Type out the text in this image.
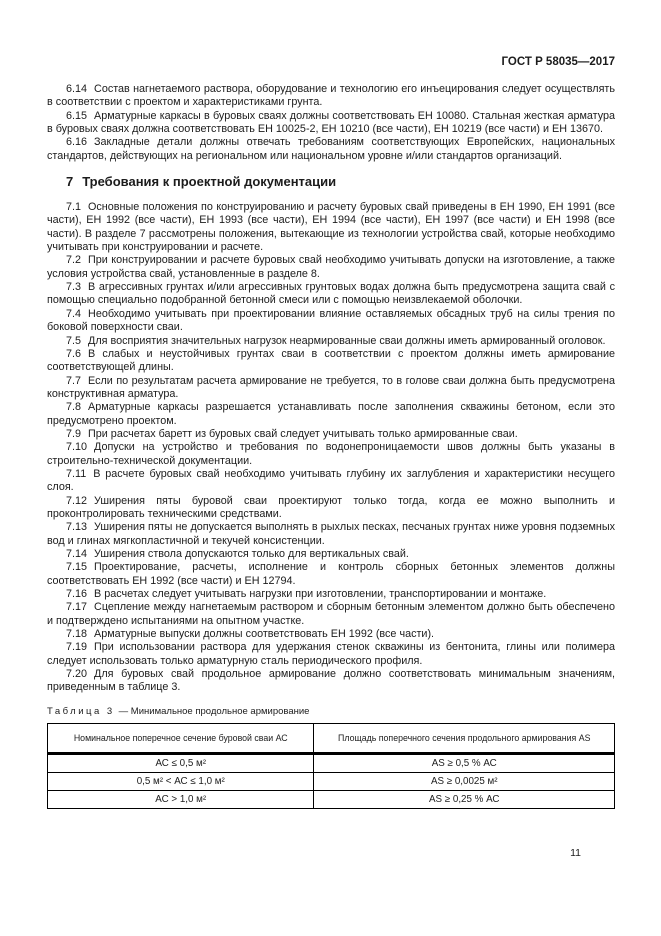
ГОСТ Р 58035—2017

6.14 Состав нагнетаемого раствора, оборудование и технологию его инъецирования следует осуществлять в соответствии с проектом и характеристиками грунта.

6.15 Арматурные каркасы в буровых сваях должны соответствовать ЕН 10080. Стальная жесткая арматура в буровых сваях должна соответствовать ЕН 10025-2, ЕН 10210 (все части), ЕН 10219 (все части) и ЕН 13670.

6.16 Закладные детали должны отвечать требованиям соответствующих Европейских, национальных стандартов, действующих на региональном или национальном уровне и/или стандартов организаций.

7 Требования к проектной документации

7.1 Основные положения по конструированию и расчету буровых свай приведены в ЕН 1990, ЕН 1991 (все части), ЕН 1992 (все части), ЕН 1993 (все части), ЕН 1994 (все части), ЕН 1997 (все части) и ЕН 1998 (все части). В разделе 7 рассмотрены положения, вытекающие из технологии устройства свай, которые необходимо учитывать при конструировании и расчете.

7.2 При конструировании и расчете буровых свай необходимо учитывать допуски на изготовление, а также условия устройства свай, установленные в разделе 8.

7.3 В агрессивных грунтах и/или агрессивных грунтовых водах должна быть предусмотрена защита свай с помощью специально подобранной бетонной смеси или с помощью неизвлекаемой оболочки.

7.4 Необходимо учитывать при проектировании влияние оставляемых обсадных труб на силы трения по боковой поверхности сваи.

7.5 Для восприятия значительных нагрузок неармированные сваи должны иметь армированный оголовок.

7.6 В слабых и неустойчивых грунтах сваи в соответствии с проектом должны иметь армирование соответствующей длины.

7.7 Если по результатам расчета армирование не требуется, то в голове сваи должна быть предусмотрена конструктивная арматура.

7.8 Арматурные каркасы разрешается устанавливать после заполнения скважины бетоном, если это предусмотрено проектом.

7.9 При расчетах баретт из буровых свай следует учитывать только армированные сваи.

7.10 Допуски на устройство и требования по водонепроницаемости швов должны быть указаны в строительно-технической документации.

7.11 В расчете буровых свай необходимо учитывать глубину их заглубления и характеристики несущего слоя.

7.12 Уширения пяты буровой сваи проектируют только тогда, когда ее можно выполнить и проконтролировать техническими средствами.

7.13 Уширения пяты не допускается выполнять в рыхлых песках, песчаных грунтах ниже уровня подземных вод и глинах мягкопластичной и текучей консистенции.

7.14 Уширения ствола допускаются только для вертикальных свай.

7.15 Проектирование, расчеты, исполнение и контроль сборных бетонных элементов должны соответствовать ЕН 1992 (все части) и ЕН 12794.

7.16 В расчетах следует учитывать нагрузки при изготовлении, транспортировании и монтаже.

7.17 Сцепление между нагнетаемым раствором и сборным бетонным элементом должно быть обеспечено и подтверждено испытаниями на опытном участке.

7.18 Арматурные выпуски должны соответствовать ЕН 1992 (все части).

7.19 При использовании раствора для удержания стенок скважины из бентонита, глины или полимера следует использовать только арматурную сталь периодического профиля.

7.20 Для буровых свай продольное армирование должно соответствовать минимальным значениям, приведенным в таблице 3.

Таблица 3 — Минимальное продольное армирование
Номинальное поперечное сечение буровой сваи АС	Площадь поперечного сечения продольного армирования AS
АС ≤ 0,5 м²	AS ≥ 0,5 % АС
0,5 м² < АС ≤ 1,0 м²	AS ≥ 0,0025 м²
АС > 1,0 м²	AS ≥ 0,25 % АС
11
